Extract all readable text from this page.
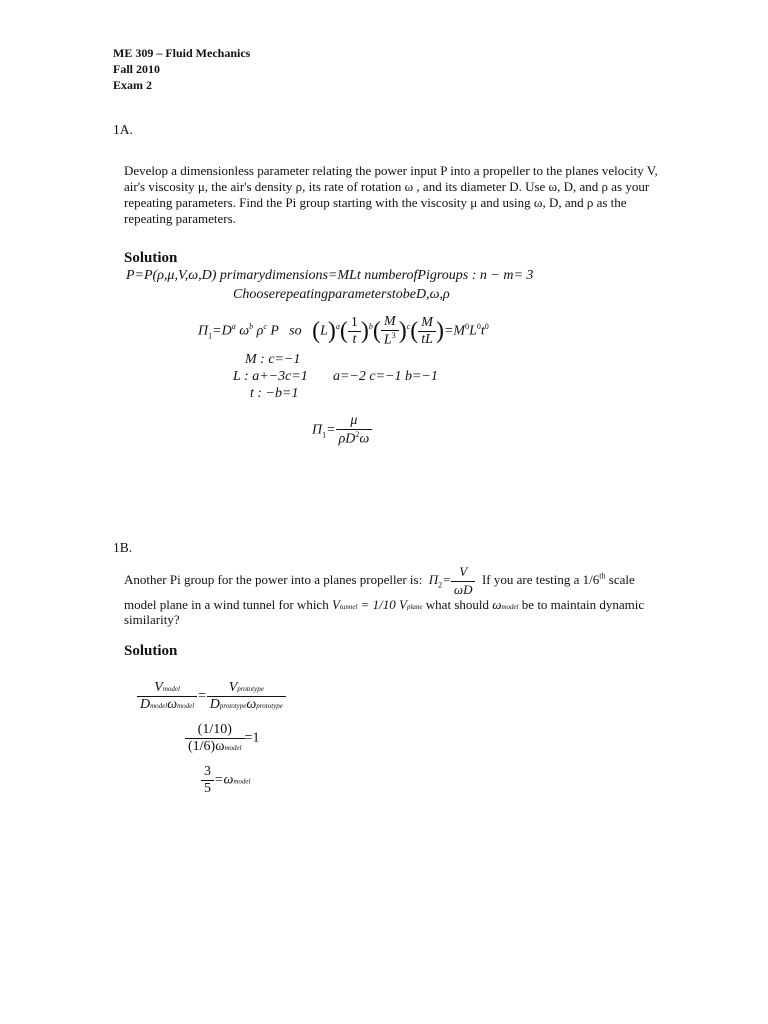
ME 309 – Fluid Mechanics
Fall 2010
Exam 2
1A.
Develop a dimensionless parameter relating the power input P into a propeller to the planes velocity V,
air's viscosity μ, the air's density ρ, its rate of rotation ω , and its diameter D. Use ω, D, and ρ as your
repeating parameters. Find the Pi group starting with the viscosity μ and using ω, D, and ρ as the
repeating parameters.
Solution
P=P(ρ,μ,V,ω,D) primarydimensions=MLt numberofPigroups : n − m= 3
ChooserepeatingparameterstobeD,ω,ρ
$\Pi_1=D^a$ $\omega^b$ $\rho^c$ P   so   $(L)^a( \frac{1}{t} )^b( \frac{M}{L^3} )^c( \frac{M}{tL} )=M^0L^0t^0$
M : c=−1
L : a+−3c=1 a=−2 c=−1 b=−1
t : −b=1
$\Pi_1= \frac{\mu}{\rho D^2\omega}$
1B.
Another Pi group for the power into a planes propeller is: $\Pi_2= \frac{V}{\omega D}$ If you are testing a 1/6th scale
model plane in a wind tunnel for which Vtunnel = 1/10 Vplane what should ωmodel be to maintain dynamic
similarity?
Solution
$\frac{\text{Vmodel}}{\text{Dmodelωmodel}} = \frac{\text{Vprototype}}{\text{Dprototypeωprototype}}$
$\frac{(1/10)}{\text{(1/6)ωmodel}} =1$
$\frac{3}{5}$ =ωmodel
